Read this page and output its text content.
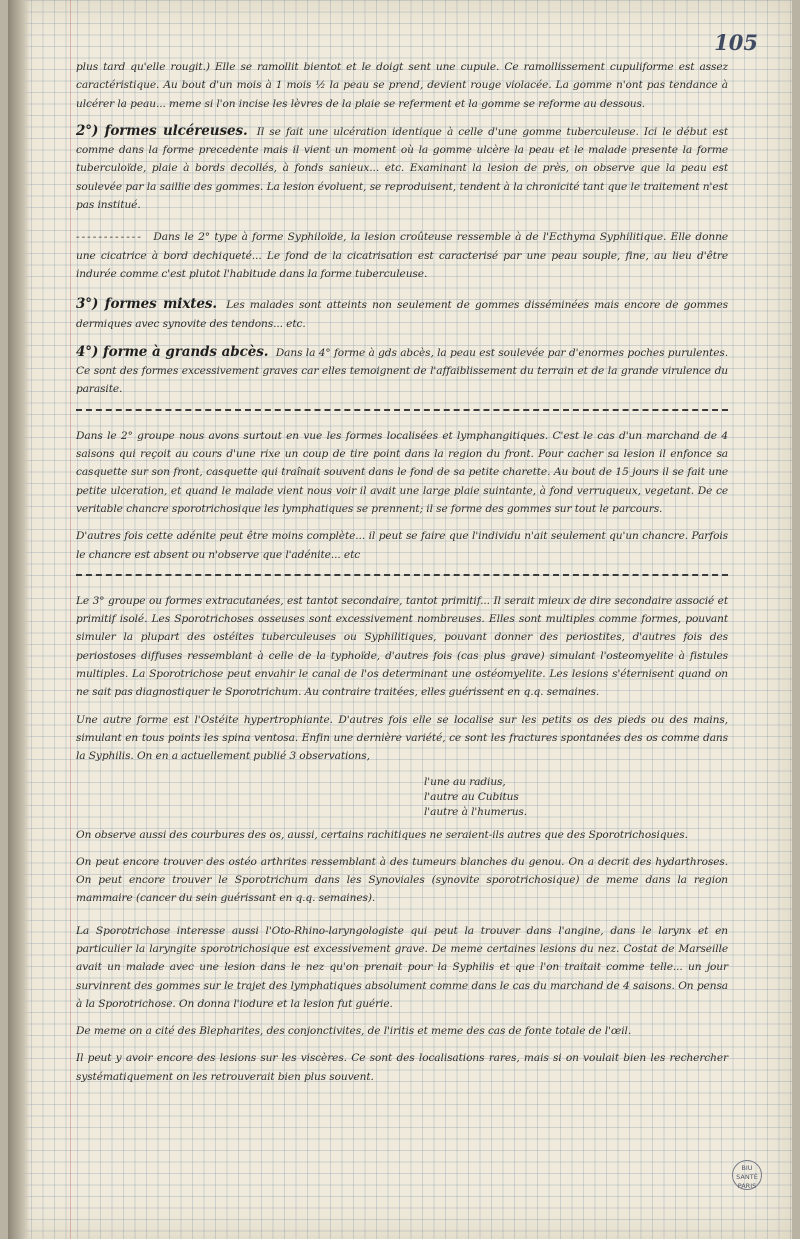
105

plus tard qu'elle rougit.) Elle se ramollit bientot et le doigt sent une cupule. Ce ramollissement cupuliforme est assez caractéristique. Au bout d'un mois à 1 mois ½ la peau se prend, devient rouge violacée. La gomme n'ont pas tendance à ulcérer la peau... meme si l'on incise les lèvres de la plaie se referment et la gomme se reforme au dessous.

2°) formes ulcéreuses. Il se fait une ulcération identique à celle d'une gomme tuberculeuse. Ici le début est comme dans la forme precedente mais il vient un moment où la gomme ulcère la peau et le malade presente la forme tuberculoïde, plaie à bords decollés, à fonds sanieux... etc. Examinant la lesion de près, on observe que la peau est soulevée par la saillie des gommes. La lesion évoluent, se reproduisent, tendent à la chronicité tant que le traitement n'est pas institué.

------------ Dans le 2° type à forme Syphiloïde, la lesion croûteuse ressemble à de l'Ecthyma Syphilitique. Elle donne une cicatrice à bord dechiqueté... Le fond de la cicatrisation est caracterisé par une peau souple, fine, au lieu d'être indurée comme c'est plutot l'habitude dans la forme tuberculeuse.

3°) formes mixtes. Les malades sont atteints non seulement de gommes disséminées mais encore de gommes dermiques avec synovite des tendons... etc.

4°) forme à grands abcès. Dans la 4° forme à gds abcès, la peau est soulevée par d'enormes poches purulentes. Ce sont des formes excessivement graves car elles temoignent de l'affaiblissement du terrain et de la grande virulence du parasite.

Dans le 2° groupe nous avons surtout en vue les formes localisées et lymphangitiques. C'est le cas d'un marchand de 4 saisons qui reçoit au cours d'une rixe un coup de tire point dans la region du front. Pour cacher sa lesion il enfonce sa casquette sur son front, casquette qui traînait souvent dans le fond de sa petite charette. Au bout de 15 jours il se fait une petite ulceration, et quand le malade vient nous voir il avait une large plaie suintante, à fond verruqueux, vegetant. De ce veritable chancre sporotrichosique les lymphatiques se prennent; il se forme des gommes sur tout le parcours.

D'autres fois cette adénite peut être moins complète... il peut se faire que l'individu n'ait seulement qu'un chancre. Parfois le chancre est absent ou n'observe que l'adénite... etc

Le 3° groupe ou formes extracutanées, est tantot secondaire, tantot primitif... Il serait mieux de dire secondaire associé et primitif isolé. Les Sporotrichoses osseuses sont excessivement nombreuses. Elles sont multiples comme formes, pouvant simuler la plupart des ostéites tuberculeuses ou Syphilitiques, pouvant donner des periostites, d'autres fois des periostoses diffuses ressemblant à celle de la typhoïde, d'autres fois (cas plus grave) simulant l'osteomyelite à fistules multiples. La Sporotrichose peut envahir le canal de l'os determinant une ostéomyelite. Les lesions s'éternisent quand on ne sait pas diagnostiquer le Sporotrichum. Au contraire traitées, elles guérissent en q.q. semaines.

Une autre forme est l'Ostéite hypertrophiante. D'autres fois elle se localise sur les petits os des pieds ou des mains, simulant en tous points les spina ventosa. Enfin une dernière variété, ce sont les fractures spontanées des os comme dans la Syphilis. On en a actuellement publié 3 observations,

l'une au radius,
l'autre au Cubitus
l'autre à l'humerus.

On observe aussi des courbures des os, aussi, certains rachitiques ne seraient-ils autres que des Sporotrichosiques.

On peut encore trouver des ostéo arthrites ressemblant à des tumeurs blanches du genou. On a decrit des hydarthroses. On peut encore trouver le Sporotrichum dans les Synoviales (synovite sporotrichosique) de meme dans la region mammaire (cancer du sein guérissant en q.q. semaines).

La Sporotrichose interesse aussi l'Oto-Rhino-laryngologiste qui peut la trouver dans l'angine, dans le larynx et en particulier la laryngite sporotrichosique est excessivement grave. De meme certaines lesions du nez. Costat de Marseille avait un malade avec une lesion dans le nez qu'on prenait pour la Syphilis et que l'on traitait comme telle... un jour survinrent des gommes sur le trajet des lymphatiques absolument comme dans le cas du marchand de 4 saisons. On pensa à la Sporotrichose. On donna l'iodure et la lesion fut guérie.

De meme on a cité des Blepharites, des conjonctivites, de l'iritis et meme des cas de fonte totale de l'œil.

Il peut y avoir encore des lesions sur les viscères. Ce sont des localisations rares, mais si on voulait bien les rechercher systématiquement on les retrouverait bien plus souvent.

BIU
SANTÉ
PARIS
